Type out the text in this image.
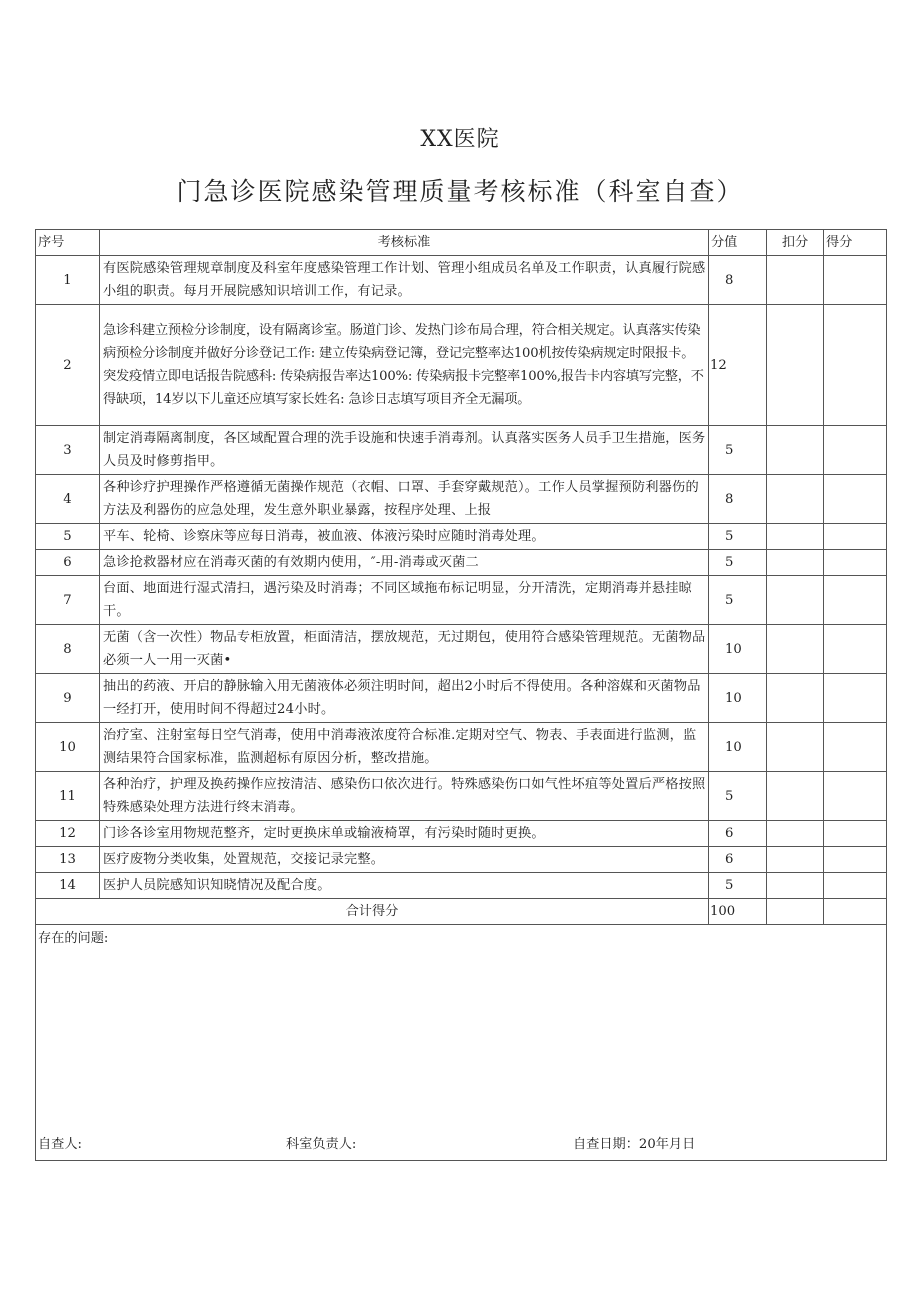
XX医院
门急诊医院感染管理质量考核标准（科室自查）
序号	考核标准	分值	扣分	得分
1	有医院感染管理规章制度及科室年度感染管理工作计划、管理小组成员名单及工作职责，认真履行院感小组的职责。每月开展院感知识培训工作，有记录。	8		
2	急诊科建立预检分诊制度，设有隔离诊室。肠道门诊、发热门诊布局合理，符合相关规定。认真落实传染病预检分诊制度并做好分诊登记工作: 建立传染病登记簿，登记完整率达100机按传染病规定时限报卡。突发疫情立即电话报告院感科: 传染病报告率达100%: 传染病报卡完整率100%,报告卡内容填写完整，不得缺项，14岁以下儿童还应填写家长姓名: 急诊日志填写项目齐全无漏项。	12		
3	制定消毒隔离制度，各区域配置合理的洗手设施和快速手消毒剂。认真落实医务人员手卫生措施，医务人员及时修剪指甲。	5		
4	各种诊疗护理操作严格遵循无菌操作规范（衣帽、口罩、手套穿戴规范）。工作人员掌握预防利器伤的方法及利器伤的应急处理，发生意外职业暴露，按程序处理、上报	8		
5	平车、轮椅、诊察床等应每日消毒，被血液、体液污染时应随时消毒处理。	5		
6	急诊抢救器材应在消毒灭菌的有效期内使用，″-用-消毒或灭菌二	5		
7	台面、地面进行湿式清扫，遇污染及时消毒；不同区域拖布标记明显，分开清洗，定期消毒并悬挂晾干。	5		
8	无菌（含一次性）物品专柜放置，柜面清洁，摆放规范，无过期包，使用符合感染管理规范。无菌物品必须一人一用一灭菌•	10		
9	抽出的药液、开启的静脉输入用无菌液体必须注明时间，超出2小时后不得使用。各种溶媒和灭菌物品一经打开，使用时间不得超过24小时。	10		
10	治疗室、注射室每日空气消毒，使用中消毒液浓度符合标准.定期对空气、物表、手表面进行监测，监测结果符合国家标准，监测超标有原因分析，整改措施。	10		
11	各种治疗，护理及换药操作应按清洁、感染伤口依次进行。特殊感染伤口如气性坏疽等处置后严格按照特殊感染处理方法进行终末消毒。	5		
12	门诊各诊室用物规范整齐，定时更换床单或输液椅罩，有污染时随时更换。	6		
13	医疗废物分类收集，处置规范，交接记录完整。	6		
14	医护人员院感知识知晓情况及配合度。	5		
合计得分		100		

存在的问题:
自查人: 科室负责人: 自查日期：20年月日				
